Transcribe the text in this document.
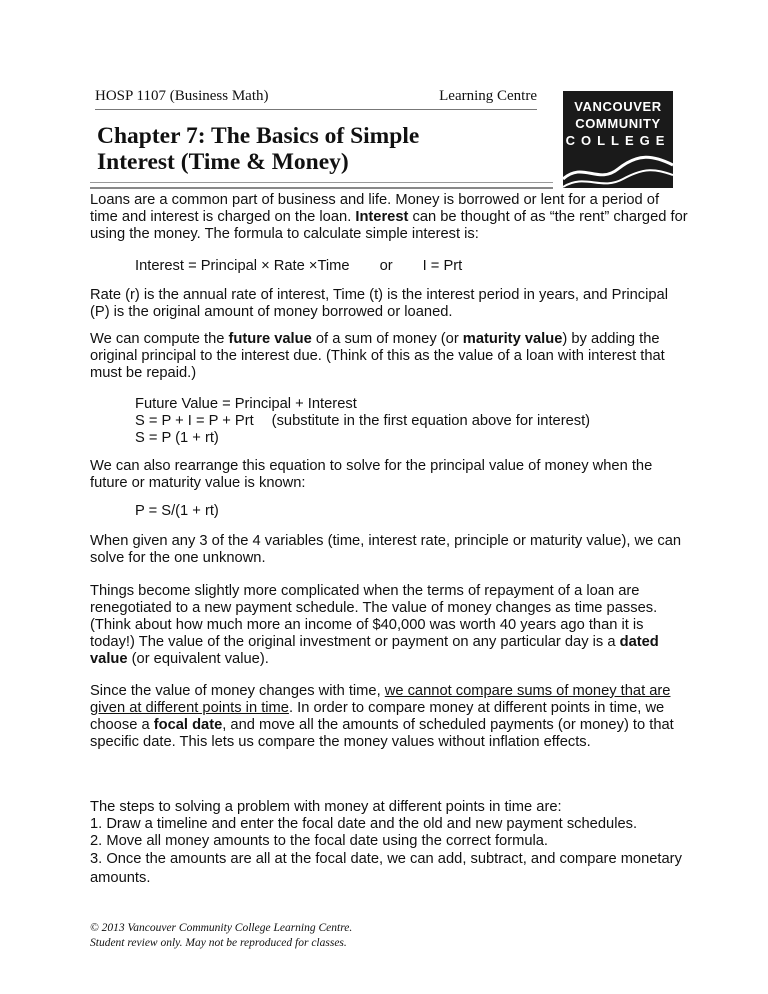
HOSP 1107 (Business Math)	Learning Centre
Chapter 7: The Basics of Simple
Interest (Time & Money)
VANCOUVER
COMMUNITY
COLLEGE

Loans are a common part of business and life. Money is borrowed or lent for a period of time and interest is charged on the loan. Interest can be thought of as “the rent” charged for using the money. The formula to calculate simple interest is:

Interest = Principal × Rate ×Time or I = Prt

Rate (r) is the annual rate of interest, Time (t) is the interest period in years, and Principal (P) is the original amount of money borrowed or loaned.

We can compute the future value of a sum of money (or maturity value) by adding the original principal to the interest due. (Think of this as the value of a loan with interest that must be repaid.)

Future Value = Principal + Interest
S = P + I = P + Prt (substitute in the first equation above for interest)
S = P (1 + rt)

We can also rearrange this equation to solve for the principal value of money when the future or maturity value is known:

P = S/(1 + rt)

When given any 3 of the 4 variables (time, interest rate, principle or maturity value), we can solve for the one unknown.

Things become slightly more complicated when the terms of repayment of a loan are renegotiated to a new payment schedule. The value of money changes as time passes. (Think about how much more an income of $40,000 was worth 40 years ago than it is today!) The value of the original investment or payment on any particular day is a dated value (or equivalent value).

Since the value of money changes with time, we cannot compare sums of money that are given at different points in time. In order to compare money at different points in time, we choose a focal date, and move all the amounts of scheduled payments (or money) to that specific date. This lets us compare the money values without inflation effects.

The steps to solving a problem with money at different points in time are:
1. Draw a timeline and enter the focal date and the old and new payment schedules.
2. Move all money amounts to the focal date using the correct formula.
3. Once the amounts are all at the focal date, we can add, subtract, and compare monetary amounts.
© 2013 Vancouver Community College Learning Centre.
Student review only. May not be reproduced for classes.
